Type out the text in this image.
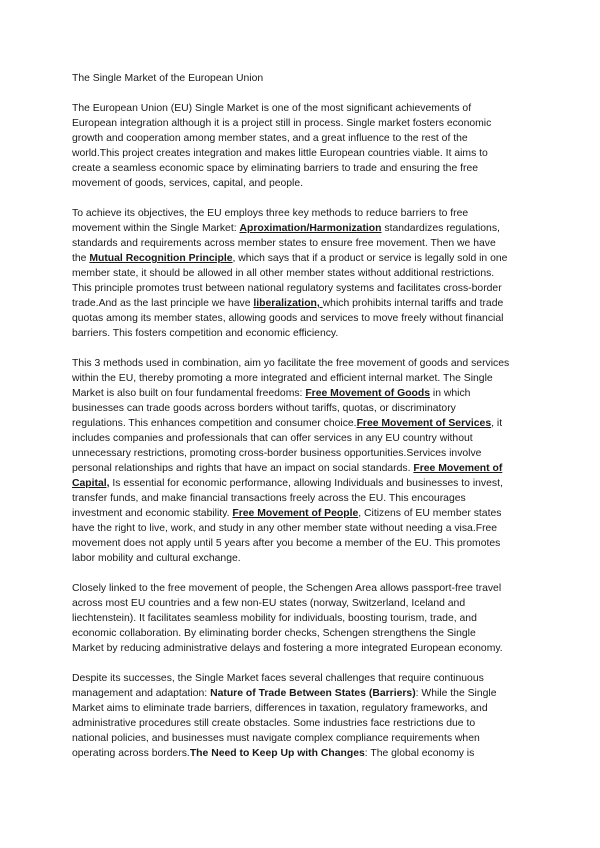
The Single Market of the European Union

The European Union (EU) Single Market is one of the most significant achievements of European integration although it is a project still in process. Single market fosters economic growth and cooperation among member states, and a great influence to the rest of the world.This project creates integration and makes little European countries viable. It aims to create a seamless economic space by eliminating barriers to trade and ensuring the free movement of goods, services, capital, and people.

To achieve its objectives, the EU employs three key methods to reduce barriers to free movement within the Single Market: Aproximation/Harmonization standardizes regulations, standards and requirements across member states to ensure free movement. Then we have the Mutual Recognition Principle, which says that if a product or service is legally sold in one member state, it should be allowed in all other member states without additional restrictions. This principle promotes trust between national regulatory systems and facilitates cross-border trade.And as the last principle we have liberalization, which prohibits internal tariffs and trade quotas among its member states, allowing goods and services to move freely without financial barriers. This fosters competition and economic efficiency.

This 3 methods used in combination, aim yo facilitate the free movement of goods and services within the EU, thereby promoting a more integrated and efficient internal market. The Single Market is also built on four fundamental freedoms: Free Movement of Goods in which businesses can trade goods across borders without tariffs, quotas, or discriminatory regulations. This enhances competition and consumer choice.Free Movement of Services, it includes companies and professionals that can offer services in any EU country without unnecessary restrictions, promoting cross-border business opportunities.Services involve personal relationships and rights that have an impact on social standards. Free Movement of Capital, Is essential for economic performance, allowing Individuals and businesses to invest, transfer funds, and make financial transactions freely across the EU. This encourages investment and economic stability. Free Movement of People, Citizens of EU member states have the right to live, work, and study in any other member state without needing a visa.Free movement does not apply until 5 years after you become a member of the EU. This promotes labor mobility and cultural exchange.

Closely linked to the free movement of people, the Schengen Area allows passport-free travel across most EU countries and a few non-EU states (norway, Switzerland, Iceland and liechtenstein). It facilitates seamless mobility for individuals, boosting tourism, trade, and economic collaboration. By eliminating border checks, Schengen strengthens the Single Market by reducing administrative delays and fostering a more integrated European economy.

Despite its successes, the Single Market faces several challenges that require continuous management and adaptation: Nature of Trade Between States (Barriers): While the Single Market aims to eliminate trade barriers, differences in taxation, regulatory frameworks, and administrative procedures still create obstacles. Some industries face restrictions due to national policies, and businesses must navigate complex compliance requirements when operating across borders.The Need to Keep Up with Changes: The global economy is
